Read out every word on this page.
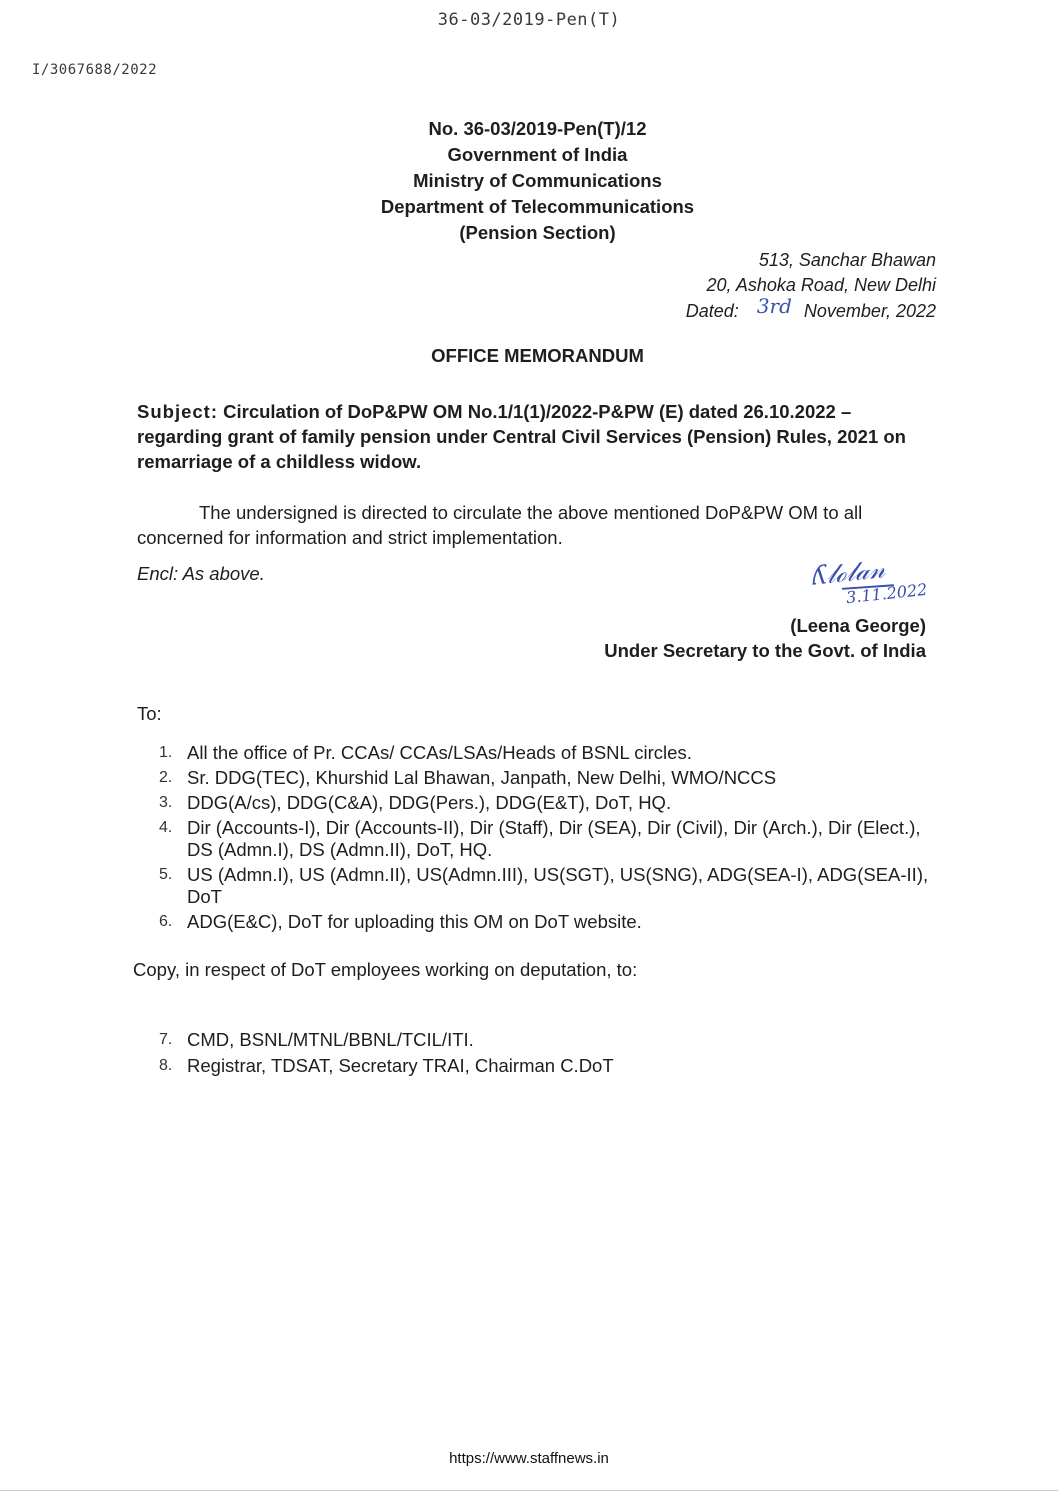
36-03/2019-Pen(T)
I/3067688/2022
No. 36-03/2019-Pen(T)/12
Government of India
Ministry of Communications
Department of Telecommunications
(Pension Section)
513, Sanchar Bhawan
20, Ashoka Road, New Delhi
Dated: 3rd November, 2022
OFFICE MEMORANDUM
Subject: Circulation of DoP&PW OM No.1/1(1)/2022-P&PW (E) dated 26.10.2022 – regarding grant of family pension under Central Civil Services (Pension) Rules, 2021 on remarriage of a childless widow.

The undersigned is directed to circulate the above mentioned DoP&PW OM to all concerned for information and strict implementation.

Encl: As above.	ʎ𝓁ℴ𝓁𝒶𝓃
3.11.2022
(Leena George)
Under Secretary to the Govt. of India
To:
1. All the office of Pr. CCAs/ CCAs/LSAs/Heads of BSNL circles.
2. Sr. DDG(TEC), Khurshid Lal Bhawan, Janpath, New Delhi, WMO/NCCS
3. DDG(A/cs), DDG(C&A), DDG(Pers.), DDG(E&T), DoT, HQ.
4. Dir (Accounts-I), Dir (Accounts-II), Dir (Staff), Dir (SEA), Dir (Civil), Dir (Arch.), Dir (Elect.), DS (Admn.I), DS (Admn.II), DoT, HQ.
5. US (Admn.I), US (Admn.II), US(Admn.III), US(SGT), US(SNG), ADG(SEA-I), ADG(SEA-II), DoT
6. ADG(E&C), DoT for uploading this OM on DoT website.
Copy, in respect of DoT employees working on deputation, to:
7. CMD, BSNL/MTNL/BBNL/TCIL/ITI.
8. Registrar, TDSAT, Secretary TRAI, Chairman C.DoT
https://www.staffnews.in
